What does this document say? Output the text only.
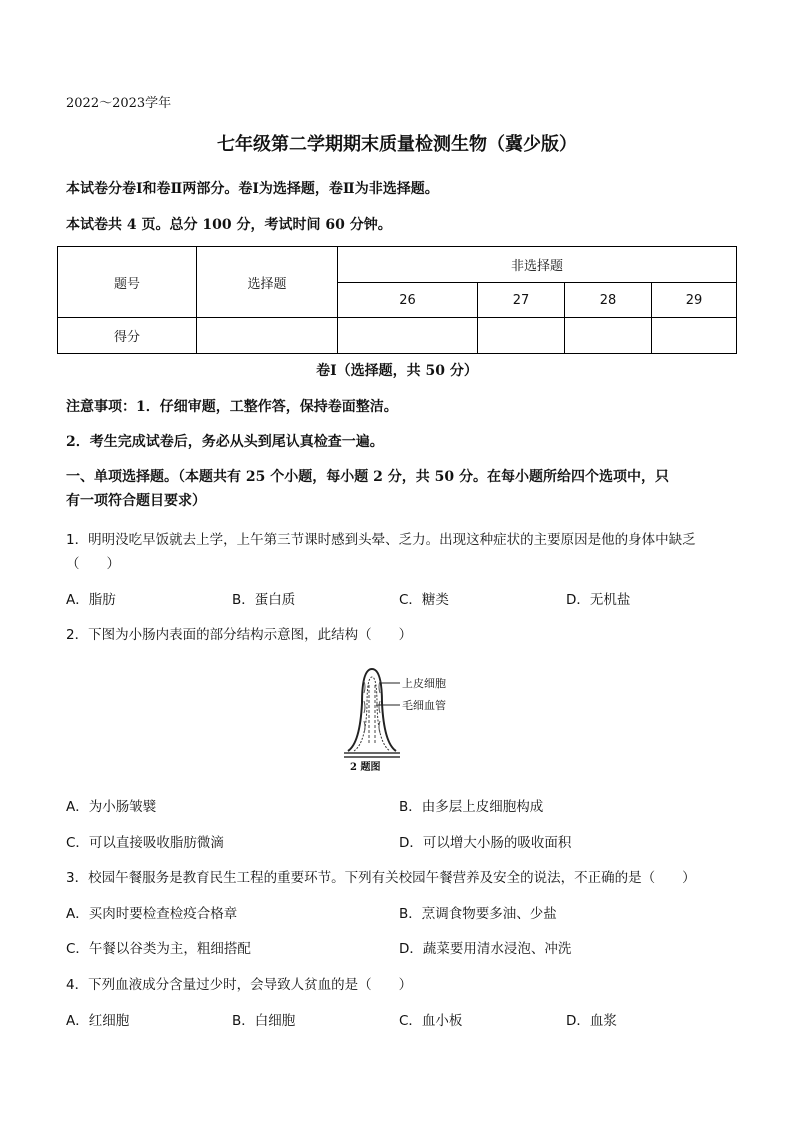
2022～2023学年
七年级第二学期期末质量检测生物（冀少版）
本试卷分卷Ⅰ和卷Ⅱ两部分。卷Ⅰ为选择题，卷Ⅱ为非选择题。
本试卷共 4 页。总分 100 分，考试时间 60 分钟。
题号	选择题	非选择题			
		26	27	28	29
得分					
卷Ⅰ（选择题，共 50 分）
注意事项：1．仔细审题，工整作答，保持卷面整洁。
2．考生完成试卷后，务必从头到尾认真检查一遍。
一、单项选择题。（本题共有 25 个小题，每小题 2 分，共 50 分。在每小题所给四个选项中，只
有一项符合题目要求）
1．明明没吃早饭就去上学，上午第三节课时感到头晕、乏力。出现这种症状的主要原因是他的身体中缺乏
（　　）
A．脂肪	B．蛋白质	C．糖类	D．无机盐
2．下图为小肠内表面的部分结构示意图，此结构（　　）
上皮细胞
毛细血管
2 题图
A．为小肠皱襞	B．由多层上皮细胞构成
C．可以直接吸收脂肪微滴	D．可以增大小肠的吸收面积
3．校园午餐服务是教育民生工程的重要环节。下列有关校园午餐营养及安全的说法，不正确的是（　　）
A．买肉时要检查检疫合格章	B．烹调食物要多油、少盐
C．午餐以谷类为主，粗细搭配	D．蔬菜要用清水浸泡、冲洗
4．下列血液成分含量过少时，会导致人贫血的是（　　）
A．红细胞	B．白细胞	C．血小板	D．血浆
